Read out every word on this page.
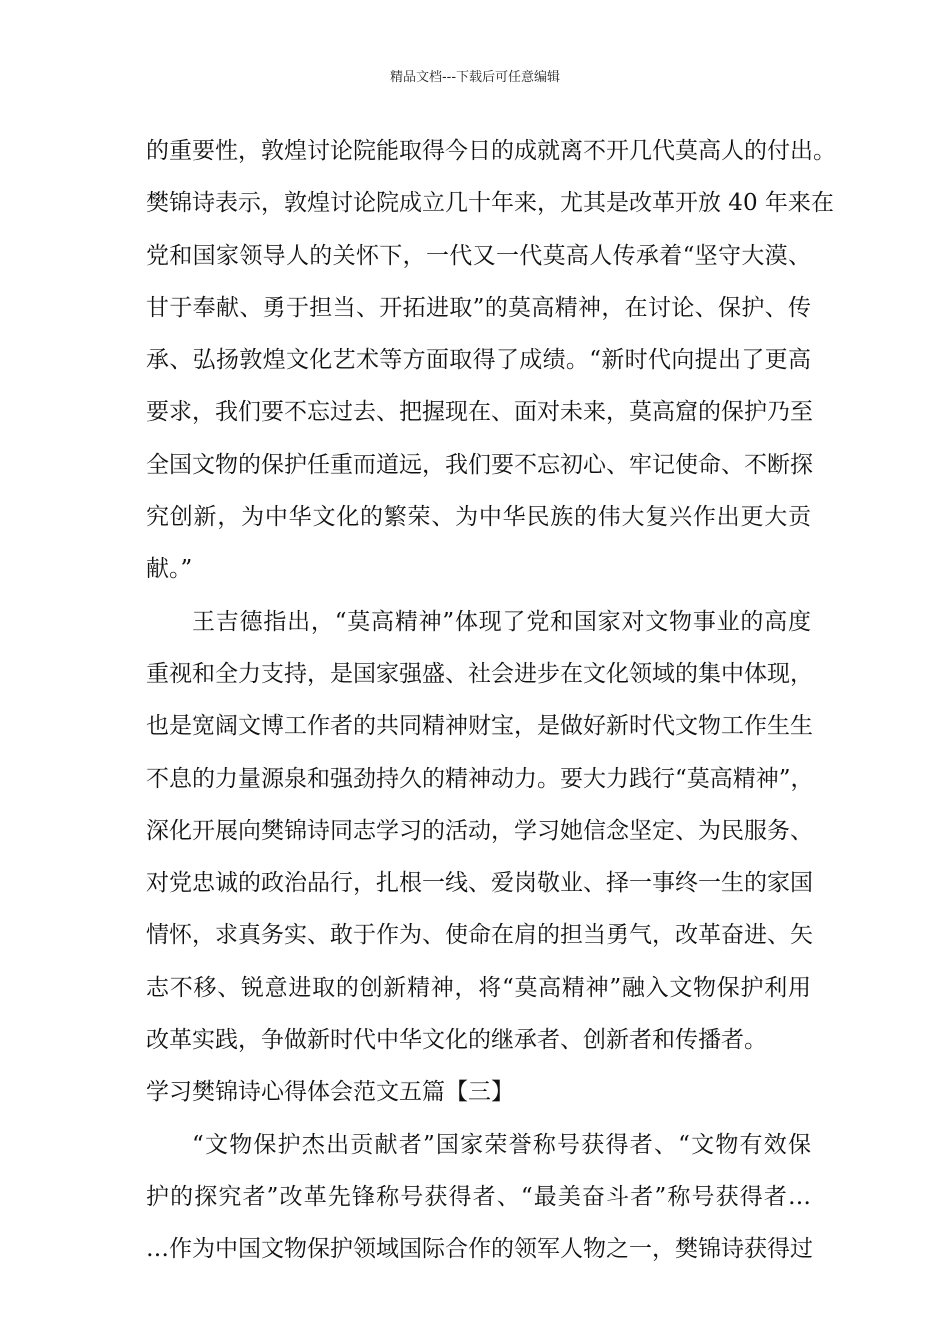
精品文档---下载后可任意编辑
的重要性，敦煌讨论院能取得今日的成就离不开几代莫高人的付出。
樊锦诗表示，敦煌讨论院成立几十年来，尤其是改革开放 40 年来在
党和国家领导人的关怀下，一代又一代莫高人传承着“坚守大漠、
甘于奉献、勇于担当、开拓进取”的莫高精神，在讨论、保护、传
承、弘扬敦煌文化艺术等方面取得了成绩。“新时代向提出了更高
要求，我们要不忘过去、把握现在、面对未来，莫高窟的保护乃至
全国文物的保护任重而道远，我们要不忘初心、牢记使命、不断探
究创新，为中华文化的繁荣、为中华民族的伟大复兴作出更大贡
献。”
王吉德指出，“莫高精神”体现了党和国家对文物事业的高度
重视和全力支持，是国家强盛、社会进步在文化领域的集中体现，
也是宽阔文博工作者的共同精神财宝，是做好新时代文物工作生生
不息的力量源泉和强劲持久的精神动力。要大力践行“莫高精神”，
深化开展向樊锦诗同志学习的活动，学习她信念坚定、为民服务、
对党忠诚的政治品行，扎根一线、爱岗敬业、择一事终一生的家国
情怀，求真务实、敢于作为、使命在肩的担当勇气，改革奋进、矢
志不移、锐意进取的创新精神，将“莫高精神”融入文物保护利用
改革实践，争做新时代中华文化的继承者、创新者和传播者。
学习樊锦诗心得体会范文五篇【三】
“文物保护杰出贡献者”国家荣誉称号获得者、“文物有效保
护的探究者”改革先锋称号获得者、“最美奋斗者”称号获得者…
…作为中国文物保护领域国际合作的领军人物之一，樊锦诗获得过
